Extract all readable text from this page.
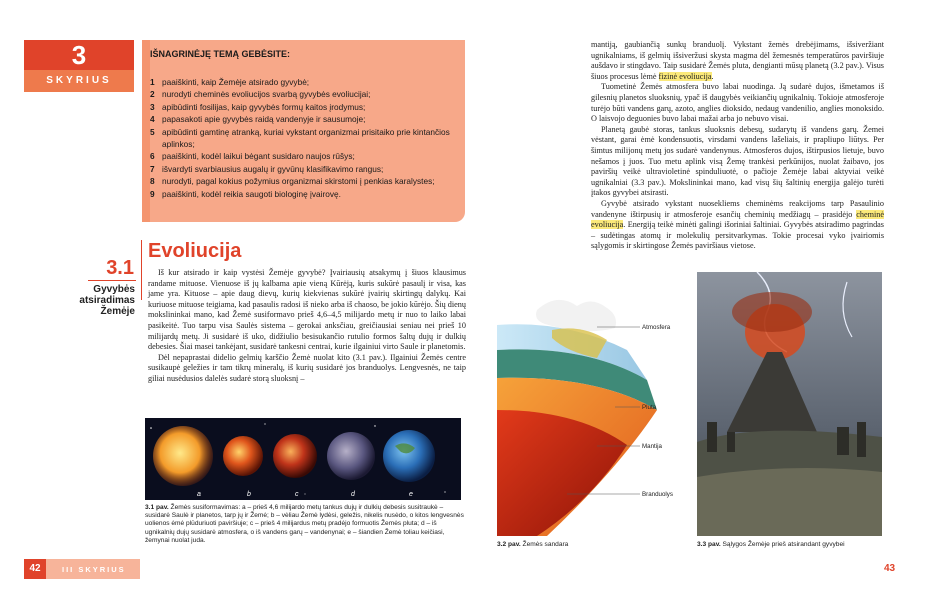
3
SKYRIUS
IŠNAGRINĖJĘ TEMĄ GEBĖSITE:
1 paaiškinti, kaip Žemėje atsirado gyvybė;
2 nurodyti cheminės evoliucijos svarbą gyvybės evoliucijai;
3 apibūdinti fosilijas, kaip gyvybės formų kaitos įrodymus;
4 papasakoti apie gyvybės raidą vandenyje ir sausumoje;
5 apibūdinti gamtinę atranką, kuriai vykstant organizmai prisitaiko prie kintančios aplinkos;
6 paaiškinti, kodėl laikui bėgant susidaro naujos rūšys;
7 išvardyti svarbiausius augalų ir gyvūnų klasifikavimo rangus;
8 nurodyti, pagal kokius požymius organizmai skirstomi į penkias karalystes;
9 paaiškinti, kodėl reikia saugoti biologinę įvairovę.
3.1
Gyvybės
atsiradimas
Žemėje
Evoliucija

Iš kur atsirado ir kaip vystėsi Žemėje gyvybė? Įvairiausių atsakymų į šiuos klausimus randame mituose. Vienuose iš jų kalbama apie vieną Kūrėją, kuris sukūrė pasaulį ir visa, kas jame yra. Kituose – apie daug dievų, kurių kiekvienas sukūrė įvairių skirtingų dalykų. Kai kuriuose mituose teigiama, kad pasaulis radosi iš nieko arba iš chaoso, be jokio kūrėjo. Šių dienų mokslininkai mano, kad Žemė susiformavo prieš 4,6–4,5 milijardo metų ir nuo to laiko labai pasikeitė. Tuo tarpu visa Saulės sistema – gerokai anksčiau, greičiausiai seniau nei prieš 10 milijardų metų. Ji susidarė iš uko, didžiulio besisukančio rutulio formos šaltų dujų ir dulkių debesies. Šiai masei tankėjant, susidarė tankesni centrai, kurie ilgainiui virto Saule ir planetomis.

Dėl nepaprastai didelio gelmių karščio Žemė nuolat kito (3.1 pav.). Ilgainiui Žemės centre susikaupė geležies ir tam tikrų mineralų, iš kurių susidarė jos branduolys. Lengvesnės, ne taip giliai nusėdusios dalelės sudarė storą sluoksnį –

a	b	c	d	e
3.1 pav. Žemės susiformavimas: a – prieš 4,6 milijardo metų tankus dujų ir dulkių debesis susitraukė – susidarė Saulė ir planetos, tarp jų ir Žemė; b – vėliau Žemė lydėsi, geležis, nikelis nusėdo, o kitos lengvesnės uolienos ėmė plūduriuoti paviršiuje; c – prieš 4 milijardus metų pradėjo formuotis Žemės pluta; d – iš ugnikalnių dujų susidarė atmosfera, o iš vandens garų – vandenynai; e – šiandien Žemė toliau keičiasi, žemynai nuolat juda.
Atmosfera
Pluta
Mantija
Branduolys
3.2 pav. Žemės sandara	3.3 pav. Sąlygos Žemėje prieš atsirandant gyvybei

mantiją, gaubiančią sunkų branduolį. Vykstant žemės drebėjimams, išsiveržiant ugnikalniams, iš gelmių išsiveržusi skysta magma dėl žemesnės temperatūros paviršiuje aušdavo ir stingdavo. Taip susidarė Žemės pluta, dengianti mūsų planetą (3.2 pav.). Visus šiuos procesus lėmė fizinė evoliucija.

Tuometinė Žemės atmosfera buvo labai nuodinga. Ją sudarė dujos, išmetamos iš gilesnių planetos sluoksnių, ypač iš daugybės veikiančių ugnikalnių. Tokioje atmosferoje turėjo būti vandens garų, azoto, anglies dioksido, nedaug vandenilio, anglies monoksido. O laisvojo deguonies buvo labai mažai arba jo nebuvo visai.

Planetą gaubė storas, tankus sluoksnis debesų, sudarytų iš vandens garų. Žemei vėstant, garai ėmė kondensuotis, virsdami vandens lašeliais, ir prapliupo liūtys. Per šimtus milijonų metų jos sudarė vandenynus. Atmosferos dujos, ištirpusios lietuje, buvo nešamos į juos. Tuo metu aplink visą Žemę trankėsi perkūnijos, nuolat žaibavo, jos paviršių veikė ultravioletinė spinduliuotė, o pačioje Žemėje labai aktyviai veikė ugnikalniai (3.3 pav.). Mokslininkai mano, kad visų šių šaltinių energija galėjo turėti įtakos gyvybei atsirasti.

Gyvybė atsirado vykstant nuosekliems cheminėms reakcijoms tarp Pasaulinio vandenyne ištirpusių ir atmosferoje esančių cheminių medžiagų – prasidėjo cheminė evoliucija. Energiją teikė minėti galingi išoriniai šaltiniai. Gyvybės atsiradimo pagrindas – sudėtingas atomų ir molekulių persitvarkymas. Tokie procesai vyko įvairiomis sąlygomis ir skirtingose Žemės paviršiaus vietose.

42	III SKYRIUS	43
